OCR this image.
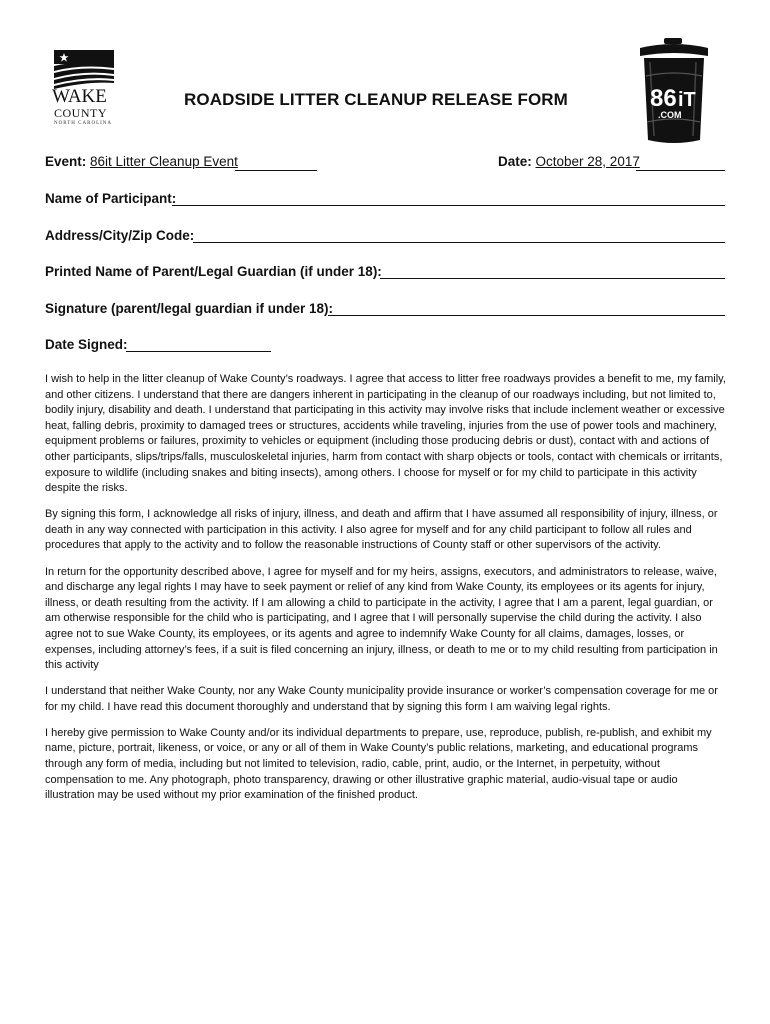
WAKE
COUNTY
NORTH CAROLINA
ROADSIDE LITTER CLEANUP RELEASE FORM	86 iT
.COM
Event: 86it Litter Cleanup Event	Date: October 28, 2017
Name of Participant:
Address/City/Zip Code:
Printed Name of Parent/Legal Guardian (if under 18):
Signature (parent/legal guardian if under 18):
Date Signed:

I wish to help in the litter cleanup of Wake County’s roadways. I agree that access to litter free roadways provides a benefit to me, my family, and other citizens. I understand that there are dangers inherent in participating in the cleanup of our roadways including, but not limited to, bodily injury, disability and death. I understand that participating in this activity may involve risks that include inclement weather or excessive heat, falling debris, proximity to damaged trees or structures, accidents while traveling, injuries from the use of power tools and machinery, equipment problems or failures, proximity to vehicles or equipment (including those producing debris or dust), contact with and actions of other participants, slips/trips/falls, musculoskeletal injuries, harm from contact with sharp objects or tools, contact with chemicals or irritants, exposure to wildlife (including snakes and biting insects), among others. I choose for myself or for my child to participate in this activity despite the risks.

By signing this form, I acknowledge all risks of injury, illness, and death and affirm that I have assumed all responsibility of injury, illness, or death in any way connected with participation in this activity. I also agree for myself and for any child participant to follow all rules and procedures that apply to the activity and to follow the reasonable instructions of County staff or other supervisors of the activity.

In return for the opportunity described above, I agree for myself and for my heirs, assigns, executors, and administrators to release, waive, and discharge any legal rights I may have to seek payment or relief of any kind from Wake County, its employees or its agents for injury, illness, or death resulting from the activity. If I am allowing a child to participate in the activity, I agree that I am a parent, legal guardian, or am otherwise responsible for the child who is participating, and I agree that I will personally supervise the child during the activity. I also agree not to sue Wake County, its employees, or its agents and agree to indemnify Wake County for all claims, damages, losses, or expenses, including attorney’s fees, if a suit is filed concerning an injury, illness, or death to me or to my child resulting from participation in this activity

I understand that neither Wake County, nor any Wake County municipality provide insurance or worker’s compensation coverage for me or for my child. I have read this document thoroughly and understand that by signing this form I am waiving legal rights.

I hereby give permission to Wake County and/or its individual departments to prepare, use, reproduce, publish, re-publish, and exhibit my name, picture, portrait, likeness, or voice, or any or all of them in Wake County’s public relations, marketing, and educational programs through any form of media, including but not limited to television, radio, cable, print, audio, or the Internet, in perpetuity, without compensation to me. Any photograph, photo transparency, drawing or other illustrative graphic material, audio-visual tape or audio illustration may be used without my prior examination of the finished product.
